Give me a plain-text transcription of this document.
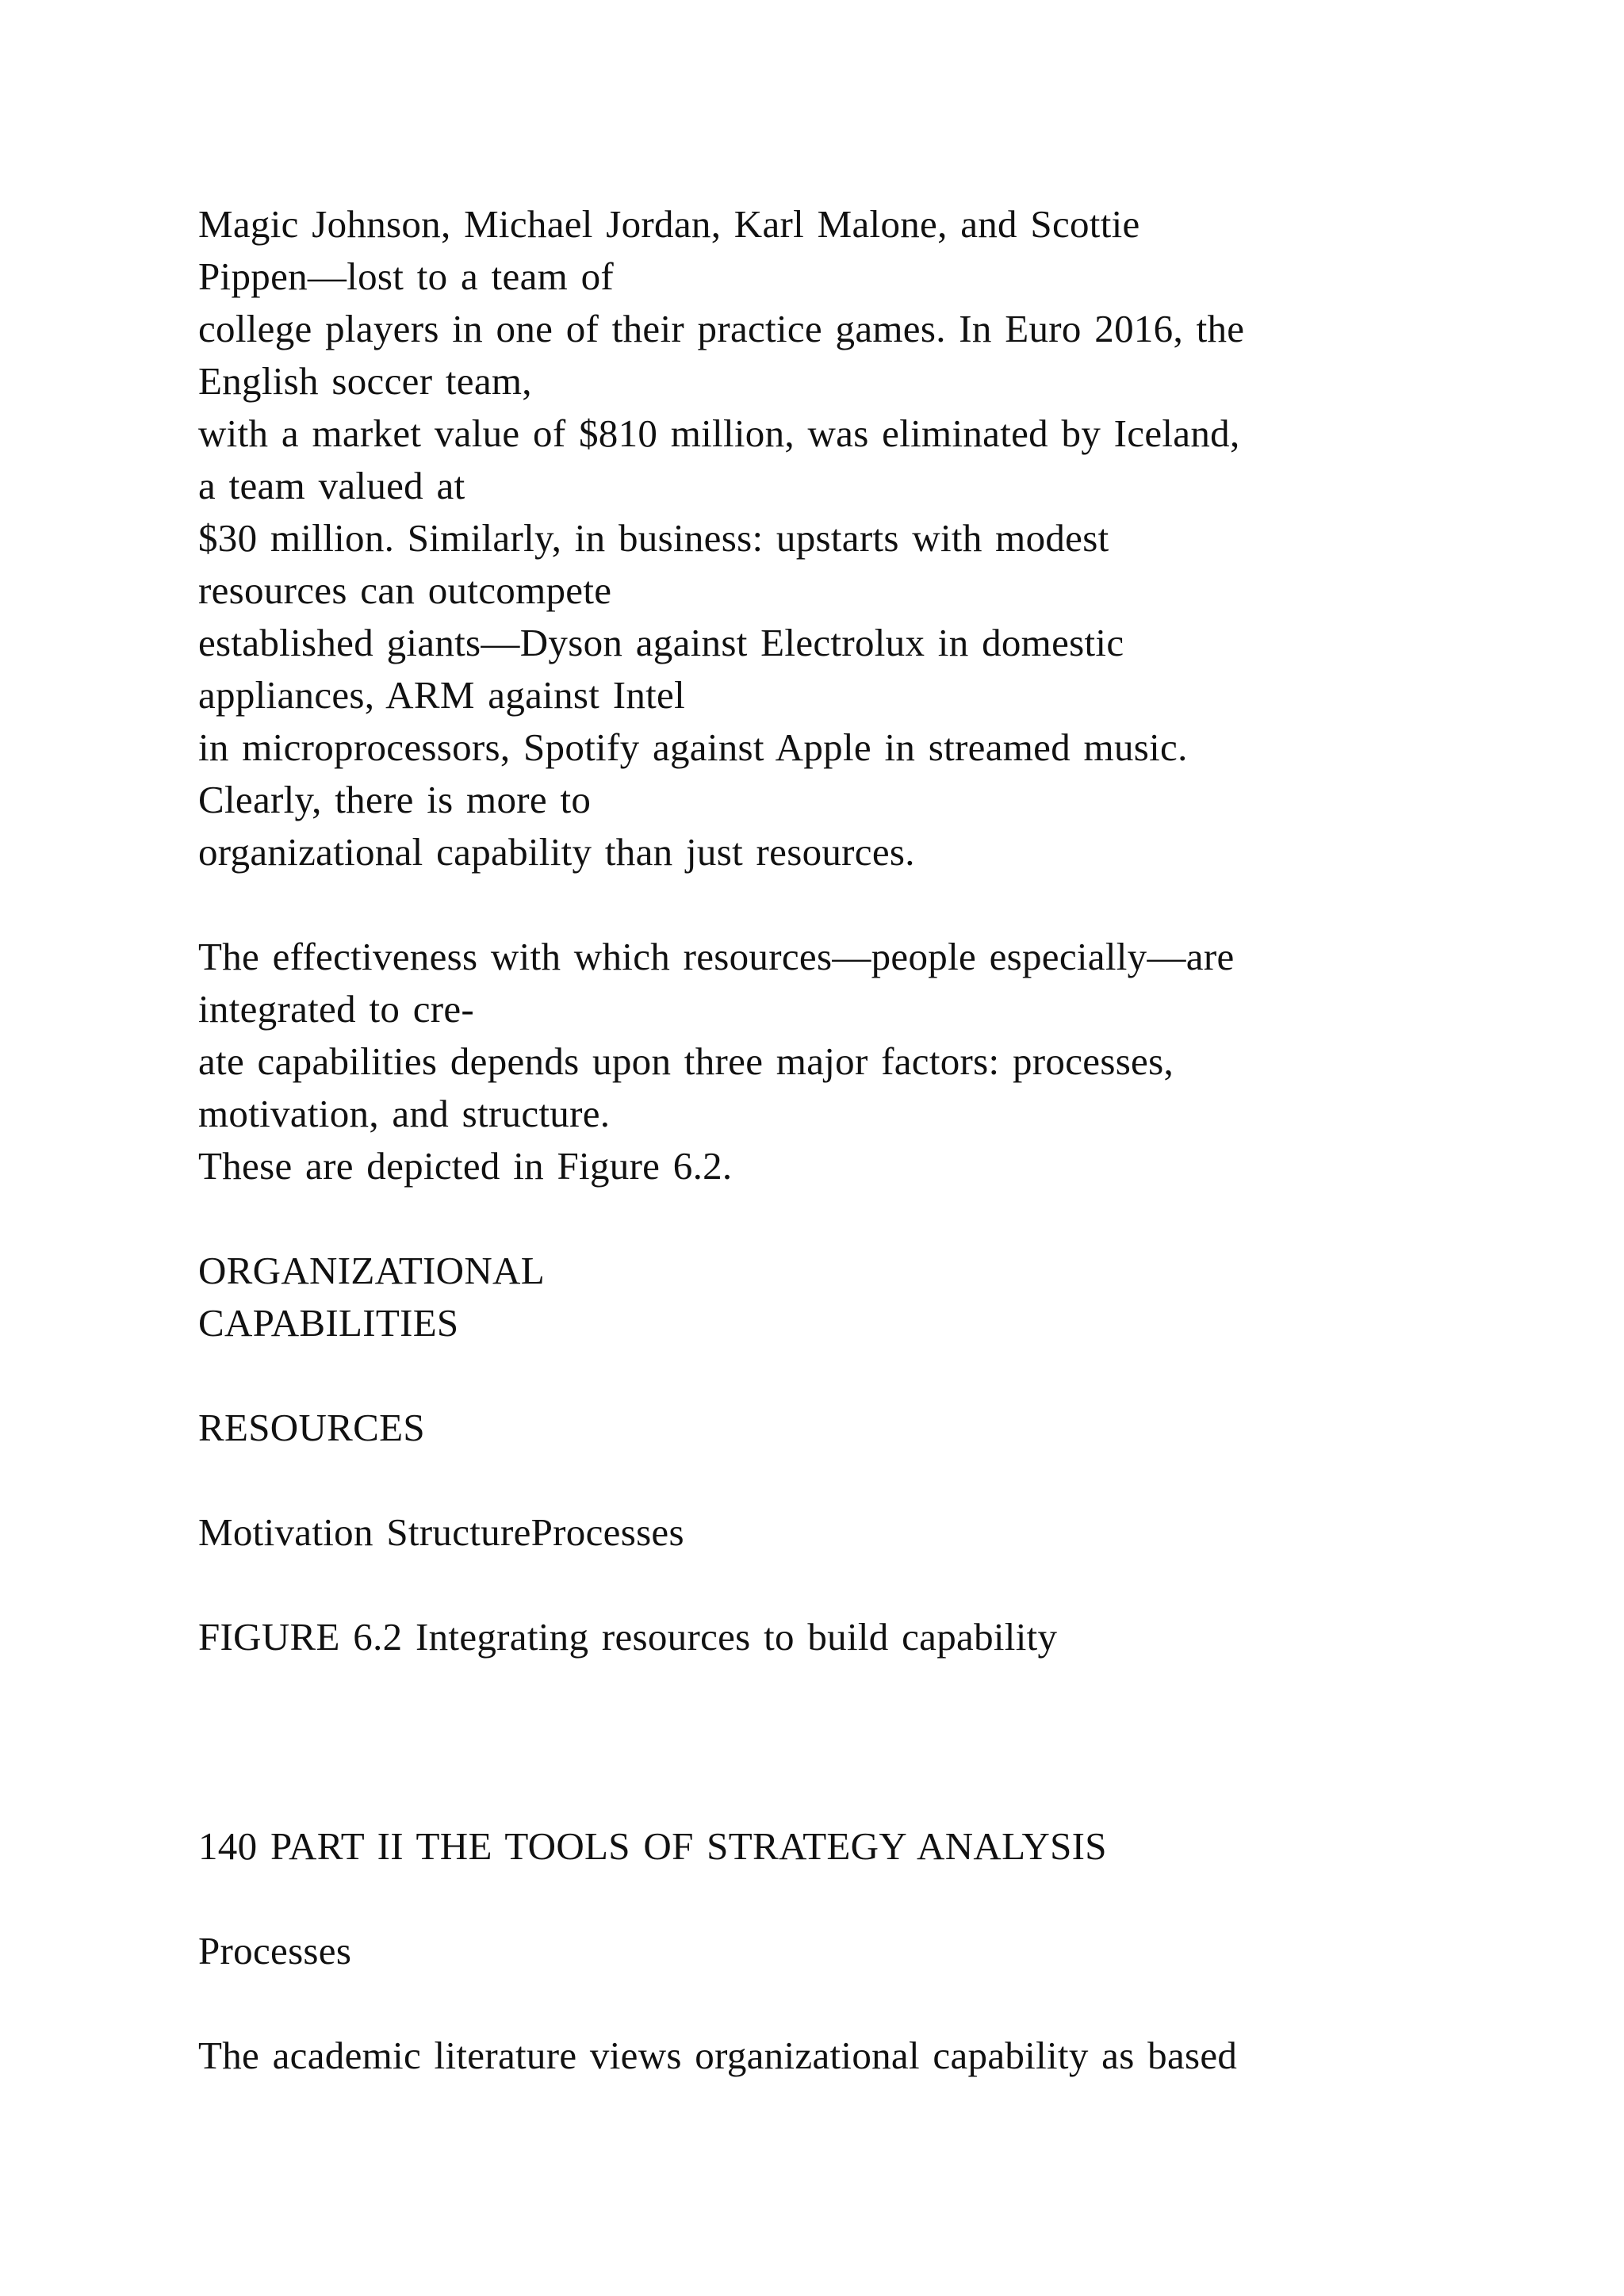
Magic Johnson, Michael Jordan, Karl Malone, and Scottie

Pippen—lost to a team of

college players in one of their practice games. In Euro 2016, the

English soccer team,

with a market value of $810 million, was eliminated by Iceland,

a team valued at

$30 million. Similarly, in business: upstarts with modest

resources can outcompete

established giants—Dyson against Electrolux in domestic

appliances, ARM against Intel

in microprocessors, Spotify against Apple in streamed music.

Clearly, there is more to

organizational capability than just resources.

The effectiveness with which resources—people especially—are

integrated to cre-

ate capabilities depends upon three major factors: processes,

motivation, and structure.

These are depicted in Figure 6.2.

ORGANIZATIONAL

CAPABILITIES

RESOURCES

Motivation StructureProcesses

FIGURE 6.2 Integrating resources to build capability

140 PART II THE TOOLS OF STRATEGY ANALYSIS

Processes

The academic literature views organizational capability as based
